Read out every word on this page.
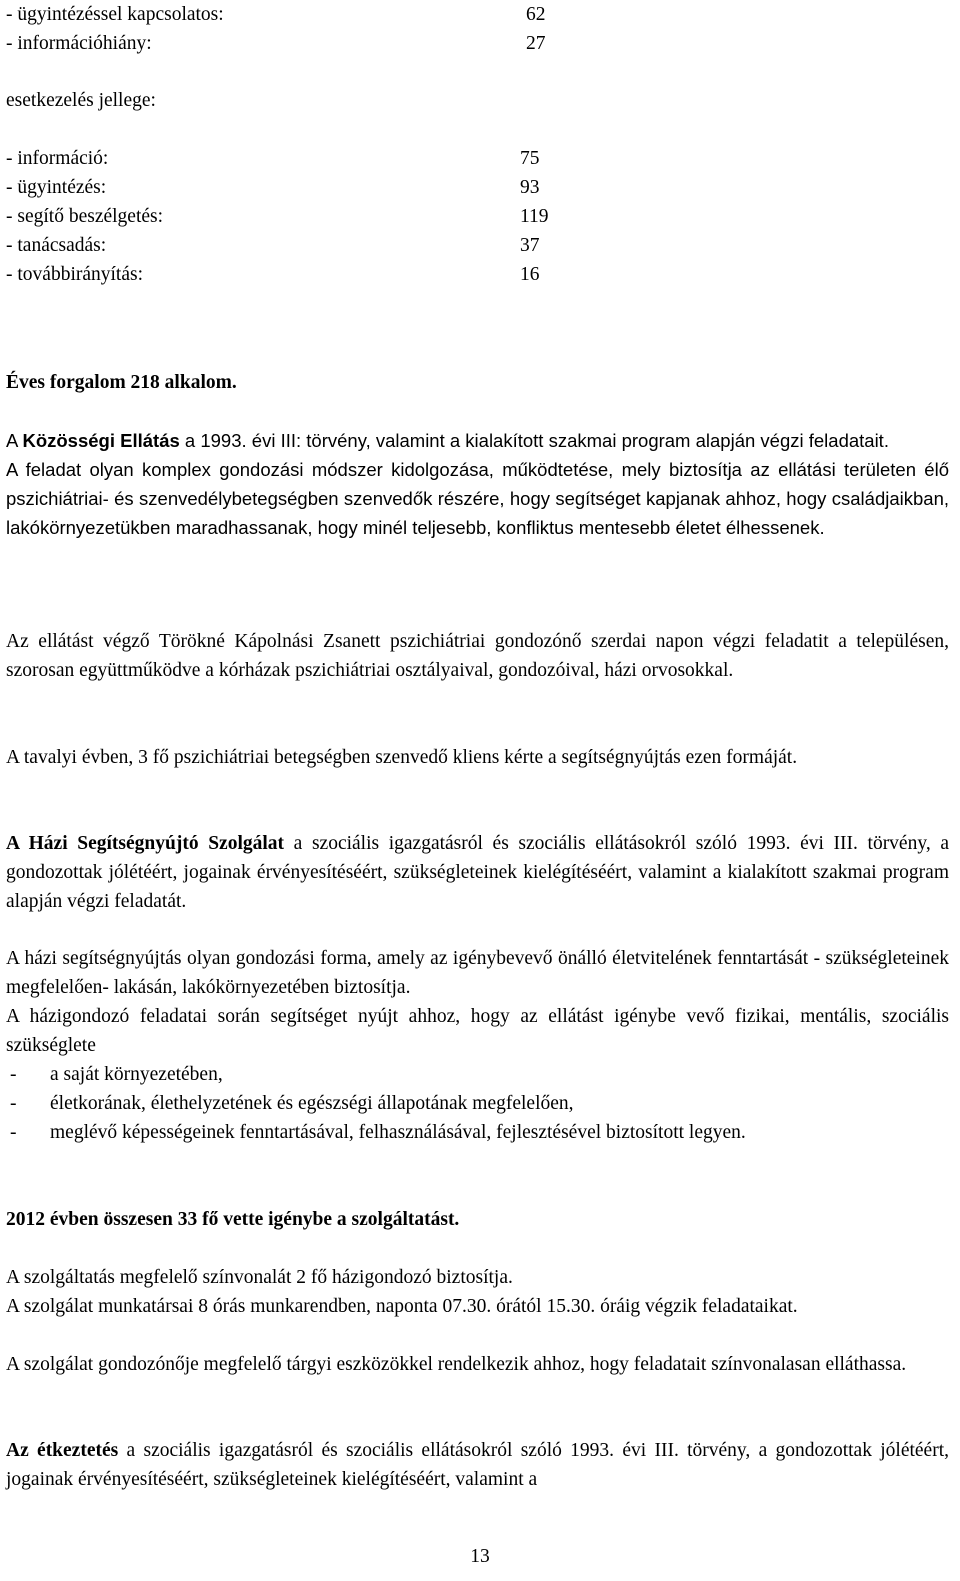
- ügyintézéssel kapcsolatos:	62
- információhiány:	27
esetkezelés jellege:
- információ:	75
- ügyintézés:	93
- segítő beszélgetés:	119
- tanácsadás:	37
- továbbirányítás:	16
Éves forgalom 218 alkalom.
A Közösségi Ellátás a 1993. évi III: törvény, valamint a kialakított szakmai program alapján végzi feladatait.
A feladat olyan komplex gondozási módszer kidolgozása, működtetése, mely biztosítja az ellátási területen élő pszichiátriai- és szenvedélybetegségben szenvedők részére, hogy segítséget kapjanak ahhoz, hogy családjaikban, lakókörnyezetükben maradhassanak, hogy minél teljesebb, konfliktus mentesebb életet élhessenek.
Az ellátást végző Törökné Kápolnási Zsanett pszichiátriai gondozónő szerdai napon végzi feladatit a településen, szorosan együttműködve a kórházak pszichiátriai osztályaival, gondozóival, házi orvosokkal.
A tavalyi évben, 3 fő pszichiátriai betegségben szenvedő kliens kérte a segítségnyújtás ezen formáját.
A Házi Segítségnyújtó Szolgálat a szociális igazgatásról és szociális ellátásokról szóló 1993. évi III. törvény, a gondozottak jólétéért, jogainak érvényesítéséért, szükségleteinek kielégítéséért, valamint a kialakított szakmai program alapján végzi feladatát.
A házi segítségnyújtás olyan gondozási forma, amely az igénybevevő önálló életvitelének fenntartását - szükségleteinek megfelelően- lakásán, lakókörnyezetében biztosítja.
A házigondozó feladatai során segítséget nyújt ahhoz, hogy az ellátást igénybe vevő fizikai, mentális, szociális szükséglete
- a saját környezetében,
- életkorának, élethelyzetének és egészségi állapotának megfelelően,
- meglévő képességeinek fenntartásával, felhasználásával, fejlesztésével biztosított legyen.
2012 évben összesen 33 fő vette igénybe a szolgáltatást.
A szolgáltatás megfelelő színvonalát 2 fő házigondozó biztosítja.
A szolgálat munkatársai 8 órás munkarendben, naponta 07.30. órától 15.30. óráig végzik feladataikat.
A szolgálat gondozónője megfelelő tárgyi eszközökkel rendelkezik ahhoz, hogy feladatait színvonalasan elláthassa.
Az étkeztetés a szociális igazgatásról és szociális ellátásokról szóló 1993. évi III. törvény, a gondozottak jólétéért, jogainak érvényesítéséért, szükségleteinek kielégítéséért, valamint a
13
